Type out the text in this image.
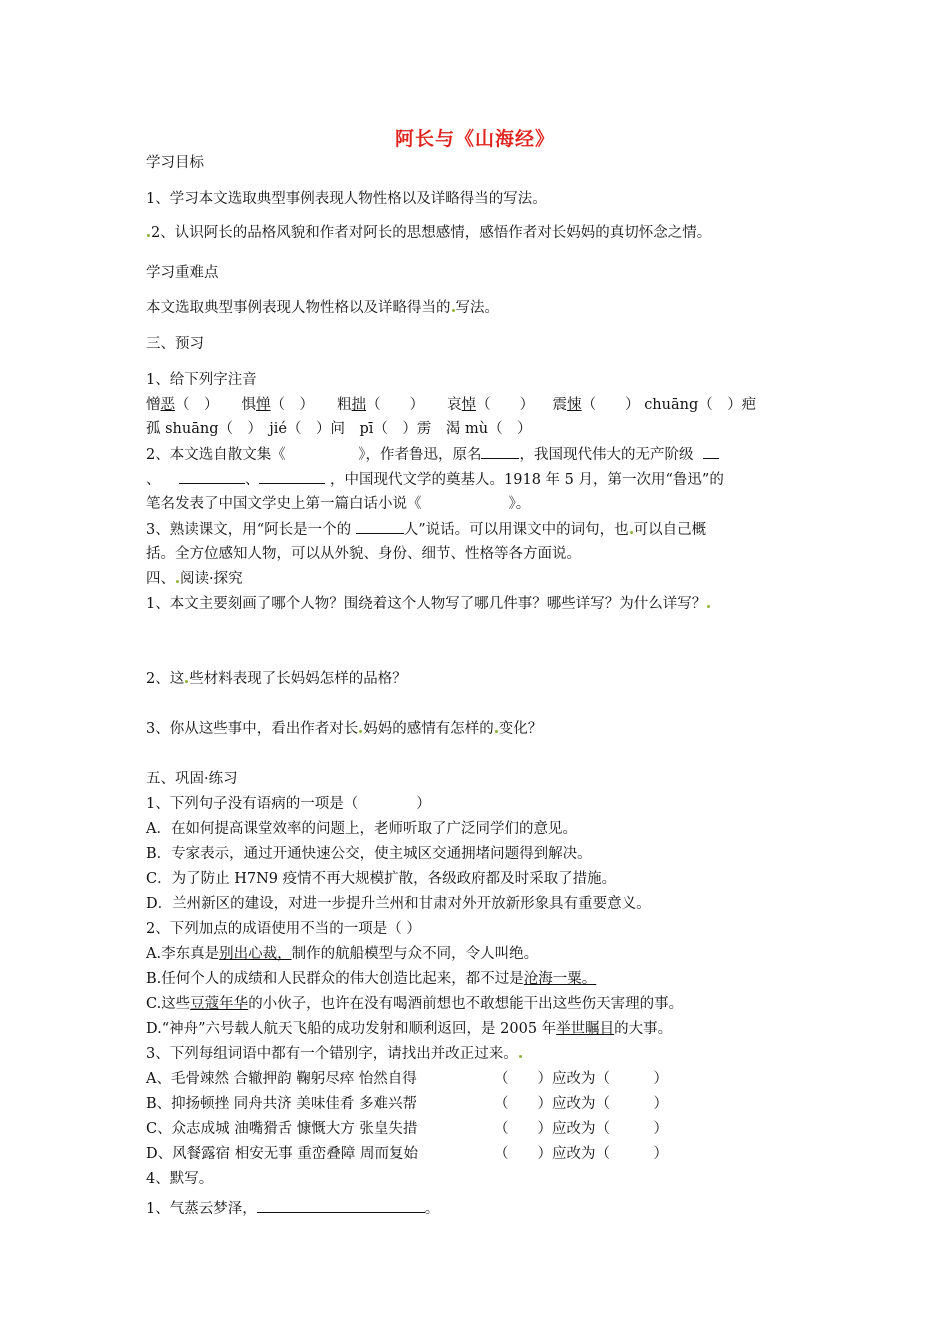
阿长与《山海经》
学习目标
1、学习本文选取典型事例表现人物性格以及详略得当的写法。
2、认识阿长的品格风貌和作者对阿长的思想感情，感悟作者对长妈妈的真切怀念之情。
学习重难点
本文选取典型事例表现人物性格以及详略得当的 写法。
三、预习
1、给下列字注音
憎恶（　） 惧惮（　） 粗拙（　　） 哀悼（　　） 震悚（　　） chuāng（　）疤
孤 shuāng（　）　jié（　）问　pī（　）雳　渴 mù（　）
2、本文选自散文集《　　　　　》，作者鲁迅，原名	，我国现代伟大的无产阶级
、	、	，中国现代文学的奠基人。1918 年 5 月，第一次用“鲁迅”的
笔名发表了中国文学史上第一篇白话小说《　　　　　　》。
3、熟读课文，用“阿长是一个的	人”说话。可以用课文中的词句，也 可以自己概
括。全方位感知人物，可以从外貌、身份、细节、性格等各方面说。
四、 阅读·探究
1、本文主要刻画了哪个人物？围绕着这个人物写了哪几件事？哪些详写？为什么详写？
2、这 些材料表现了长妈妈怎样的品格？
3、你从这些事中，看出作者对长 妈妈的感情有怎样的 变化？
五、巩固·练习
1、下列句子没有语病的一项是（　　　　）
A．在如何提高课堂效率的问题上，老师听取了广泛同学们的意见。
B．专家表示，通过开通快速公交，使主城区交通拥堵问题得到解决。
C．为了防止 H7N9 疫情不再大规模扩散，各级政府都及时采取了措施。
D．兰州新区的建设，对进一步提升兰州和甘肃对外开放新形象具有重要意义。
2、下列加点的成语使用不当的一项是（ ）
A.李东真是别出心裁，制作的航船模型与众不同，令人叫绝。
B.任何个人的成绩和人民群众的伟大创造比起来，都不过是沧海一粟。
C.这些豆蔻年华的小伙子，也许在没有喝酒前想也不敢想能干出这些伤天害理的事。
D.“神舟”六号载人航天飞船的成功发射和顺利返回，是 2005 年举世瞩目的大事。
3、下列每组词语中都有一个错别字，请找出并改正过来。
A、毛骨竦然 合辙押韵 鞠躬尽瘁 怡然自得	（　　）应改为（　　　）
B、抑扬顿挫 同舟共济 美味佳肴 多难兴帮	（　　）应改为（　　　）
C、众志成城 油嘴猾舌 慷慨大方 张皇失措	（　　）应改为（　　　）
D、风餐露宿 相安无事 重峦叠障 周而复始	（　　）应改为（　　　）
4、默写。
1、气蒸云梦泽，	。
